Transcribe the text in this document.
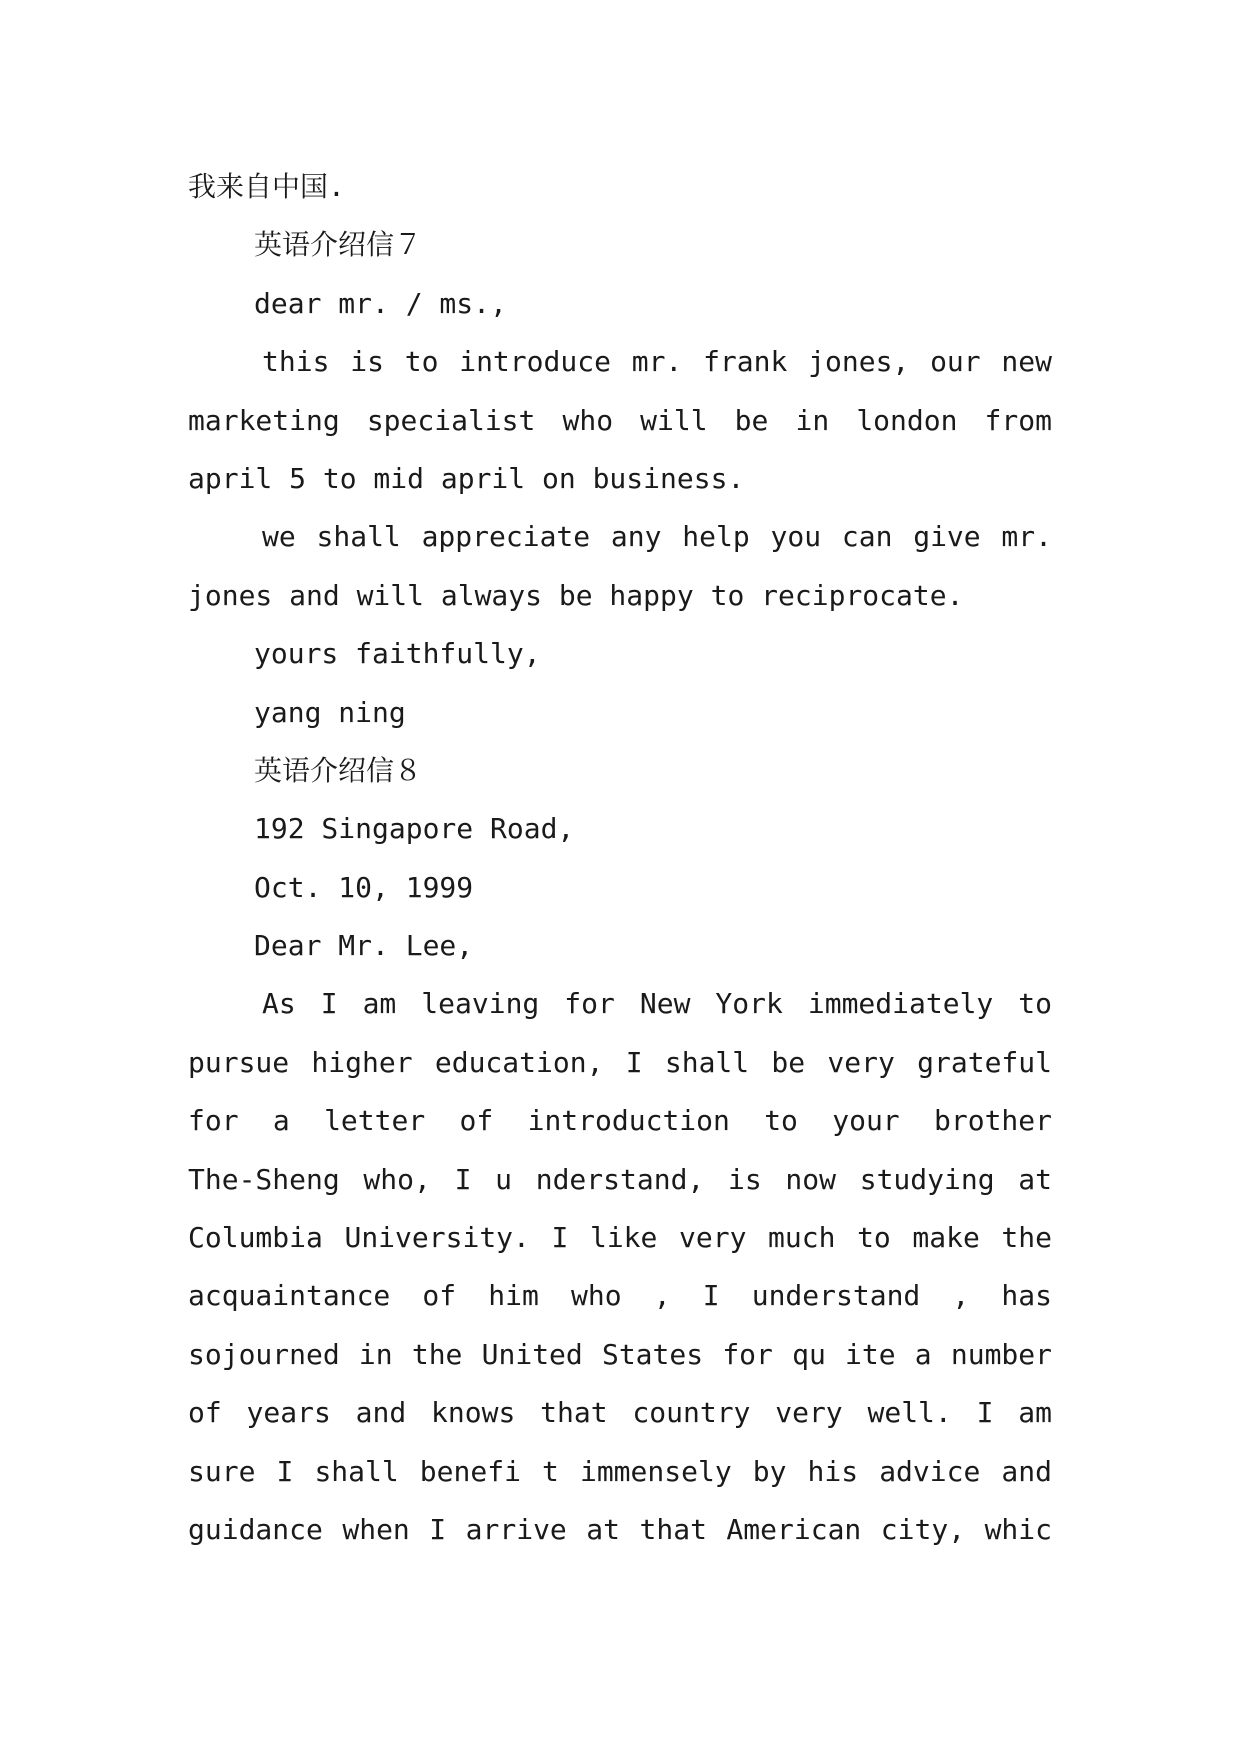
我来自中国.
英语介绍信７
dear mr. / ms.,
this is to introduce mr. frank jones, our new
marketing specialist who will be in london from
april 5 to mid april on business.
we shall appreciate any help you can give mr.
jones and will always be happy to reciprocate.
yours faithfully,
yang ning
英语介绍信８
192 Singapore Road,
Oct. 10, 1999
Dear Mr. Lee,
As I am leaving for New York immediately to
pursue higher education, I shall be very grateful
for a letter of introduction to your brother
The-Sheng who, I u nderstand, is now studying at
Columbia University. I like very much to make the
acquaintance of him who , I understand , has
sojourned in the United States for qu ite a number
of years and knows that country very well. I am
sure I shall benefi t immensely by his advice and
guidance when I arrive at that American city, whic
